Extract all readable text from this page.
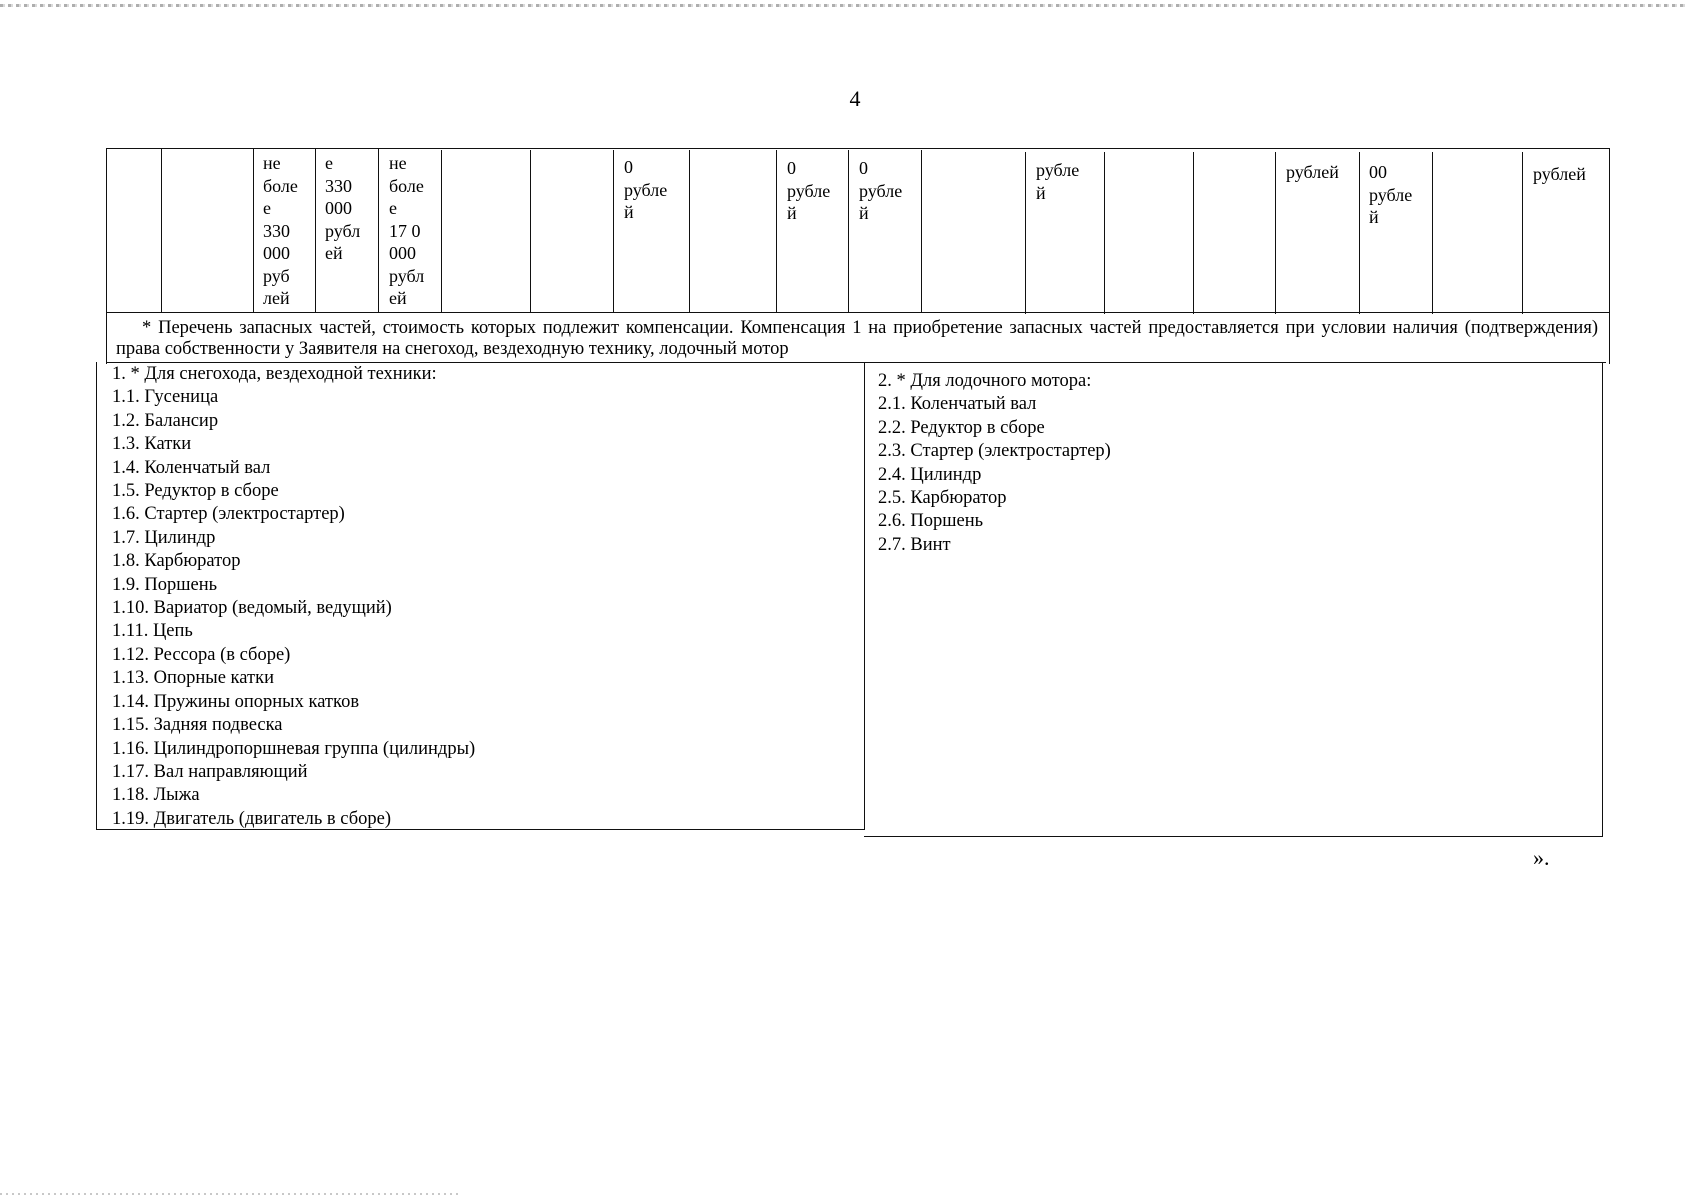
4
не
боле
е
330
000
руб
лей
е
330
000
рубл
ей
не
боле
е
17 0
000
рубл
ей
0
рубле
й
0
рубле
й
0
рубле
й
рубле
й
рублей 00
рубле
й
рублей
* Перечень запасных частей, стоимость которых подлежит компенсации. Компенсация 1 на приобретение запасных частей предоставляется при условии наличия (подтверждения) права собственности у Заявителя на снегоход, вездеходную технику, лодочный мотор
1. * Для снегохода, вездеходной техники:
1.1. Гусеница
1.2. Балансир
1.3. Катки
1.4. Коленчатый вал
1.5. Редуктор в сборе
1.6. Стартер (электростартер)
1.7. Цилиндр
1.8. Карбюратор
1.9. Поршень
1.10. Вариатор (ведомый, ведущий)
1.11. Цепь
1.12. Рессора (в сборе)
1.13. Опорные катки
1.14. Пружины опорных катков
1.15. Задняя подвеска
1.16. Цилиндропоршневая группа (цилиндры)
1.17. Вал направляющий
1.18. Лыжа
1.19. Двигатель (двигатель в сборе)
2. * Для лодочного мотора:
2.1. Коленчатый вал
2.2. Редуктор в сборе
2.3. Стартер (электростартер)
2.4. Цилиндр
2.5. Карбюратор
2.6. Поршень
2.7. Винт
».
